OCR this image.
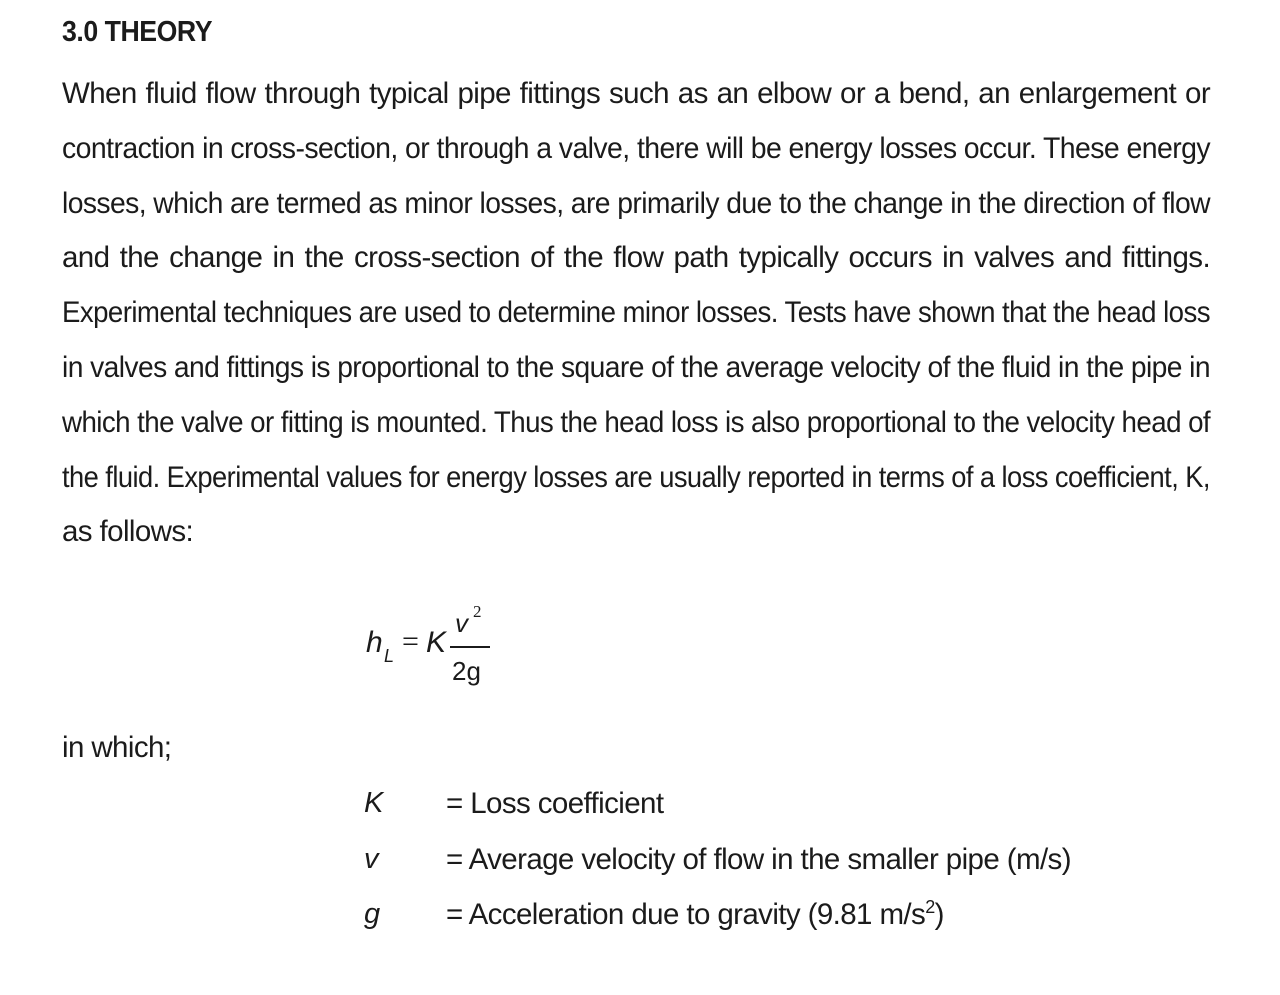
3.0 THEORY
When fluid flow through typical pipe fittings such as an elbow or a bend, an enlargement or
contraction in cross-section, or through a valve, there will be energy losses occur. These energy
losses, which are termed as minor losses, are primarily due to the change in the direction of flow
and the change in the cross-section of the flow path typically occurs in valves and fittings.
Experimental techniques are used to determine minor losses. Tests have shown that the head loss
in valves and fittings is proportional to the square of the average velocity of the fluid in the pipe in
which the valve or fitting is mounted. Thus the head loss is also proportional to the velocity head of
the fluid. Experimental values for energy losses are usually reported in terms of a loss coefficient, K,
as follows:
h L = K
v 2
2g
in which;
K = Loss coefficient
v = Average velocity of flow in the smaller pipe (m/s)
g = Acceleration due to gravity (9.81 $m/s^2$)
